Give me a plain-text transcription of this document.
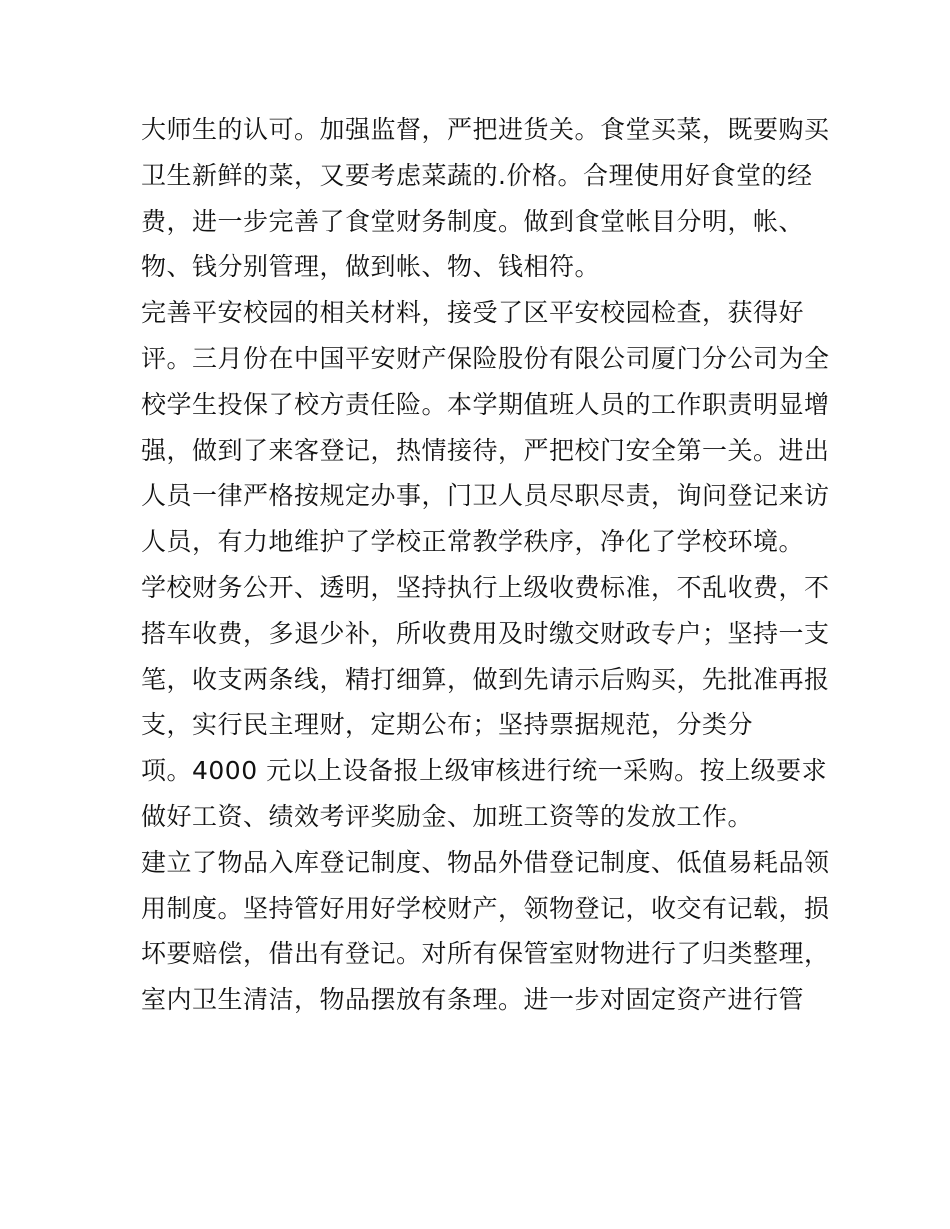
大师生的认可。加强监督，严把进货关。食堂买菜，既要购买
卫生新鲜的菜，又要考虑菜蔬的.价格。合理使用好食堂的经
费，进一步完善了食堂财务制度。做到食堂帐目分明，帐、
物、钱分别管理，做到帐、物、钱相符。
完善平安校园的相关材料，接受了区平安校园检查，获得好
评。三月份在中国平安财产保险股份有限公司厦门分公司为全
校学生投保了校方责任险。本学期值班人员的工作职责明显增
强，做到了来客登记，热情接待，严把校门安全第一关。进出
人员一律严格按规定办事，门卫人员尽职尽责，询问登记来访
人员，有力地维护了学校正常教学秩序，净化了学校环境。
学校财务公开、透明，坚持执行上级收费标准，不乱收费，不
搭车收费，多退少补，所收费用及时缴交财政专户；坚持一支
笔，收支两条线，精打细算，做到先请示后购买，先批准再报
支，实行民主理财，定期公布；坚持票据规范，分类分
项。4000 元以上设备报上级审核进行统一采购。按上级要求
做好工资、绩效考评奖励金、加班工资等的发放工作。
建立了物品入库登记制度、物品外借登记制度、低值易耗品领
用制度。坚持管好用好学校财产，领物登记，收交有记载，损
坏要赔偿，借出有登记。对所有保管室财物进行了归类整理，
室内卫生清洁，物品摆放有条理。进一步对固定资产进行管
